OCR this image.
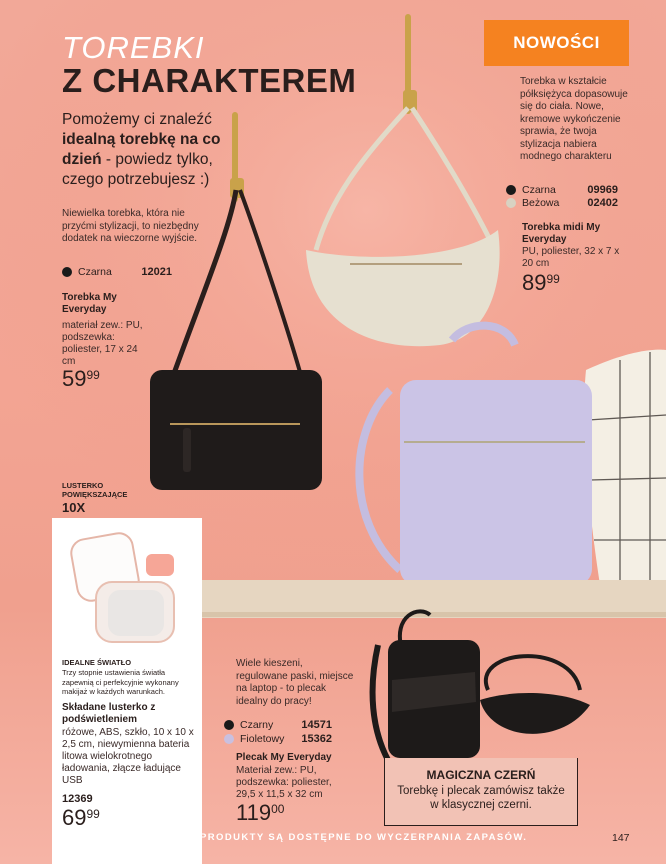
TOREBKI
Z CHARAKTEREM
NOWOŚCI
Pomożemy ci znaleźć idealną torebkę na co dzień - powiedz tylko, czego potrzebujesz :)
Niewielka torebka, która nie przyćmi stylizacji, to niezbędny dodatek na wieczorne wyjście.
Czarna	12021
Torebka My Everyday
materiał zew.: PU, podszewka: poliester, 17 x 24 cm
$59^{99}$
Torebka w kształcie półksiężyca dopasowuje się do ciała. Nowe, kremowe wykończenie sprawia, że twoja stylizacja nabiera modnego charakteru
Czarna	09969
Beżowa	02402
Torebka midi My Everyday
PU, poliester, 32 x 7 x 20 cm
$89^{99}$
LUSTERKO POWIĘKSZAJĄCE
10X
IDEALNE ŚWIATŁO
Trzy stopnie ustawienia światła zapewnią ci perfekcyjnie wykonany makijaż w każdych warunkach.
Składane lusterko z podświetleniem
różowe, ABS, szkło, 10 x 10 x 2,5 cm, niewymienna bateria litowa wielokrotnego ładowania, złącze ładujące USB
12369
$69^{99}$
Wiele kieszeni, regulowane paski, miejsce na laptop - to plecak idealny do pracy!
Czarny	14571
Fioletowy 15362
Plecak My Everyday
Materiał zew.: PU, podszewka: poliester, 29,5 x 11,5 x 32 cm
$119^{00}$
MAGICZNA CZERŃ
Torebkę i plecak zamówisz także w klasycznej czerni.
WSZYSTKIE PRODUKTY SĄ DOSTĘPNE DO WYCZERPANIA ZAPASÓW.	147
